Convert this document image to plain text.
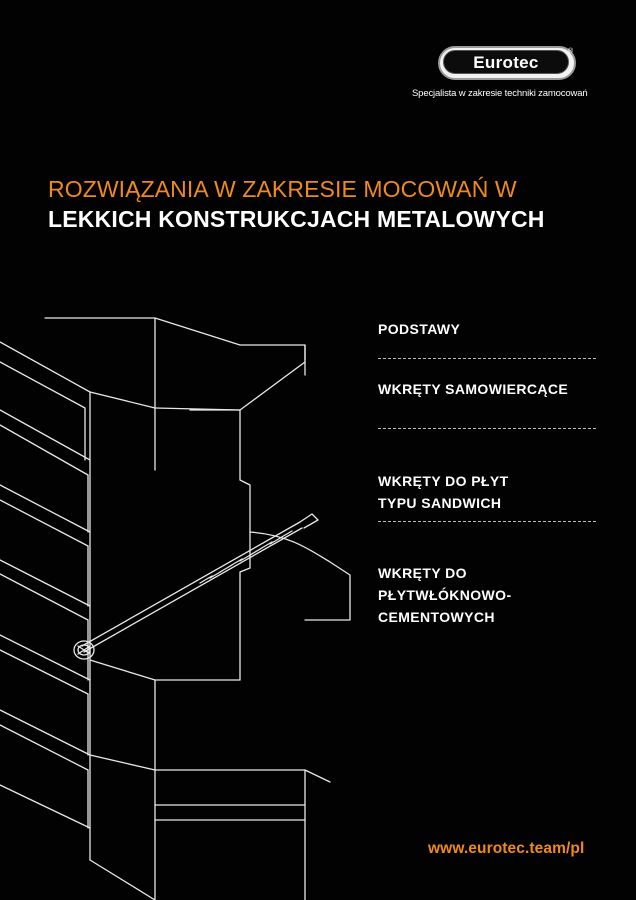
Eurotec
®
Specjalista w zakresie techniki zamocowań
ROZWIĄZANIA W ZAKRESIE MOCOWAŃ W
LEKKICH KONSTRUKCJACH METALOWYCH
PODSTAWY
WKRĘTY SAMOWIERCĄCE

WKRĘTY DO PŁYT
TYPU SANDWICH

WKRĘTY DO
PŁYTWŁÓKNOWO-
CEMENTOWYCH

www.eurotec.team/pl
